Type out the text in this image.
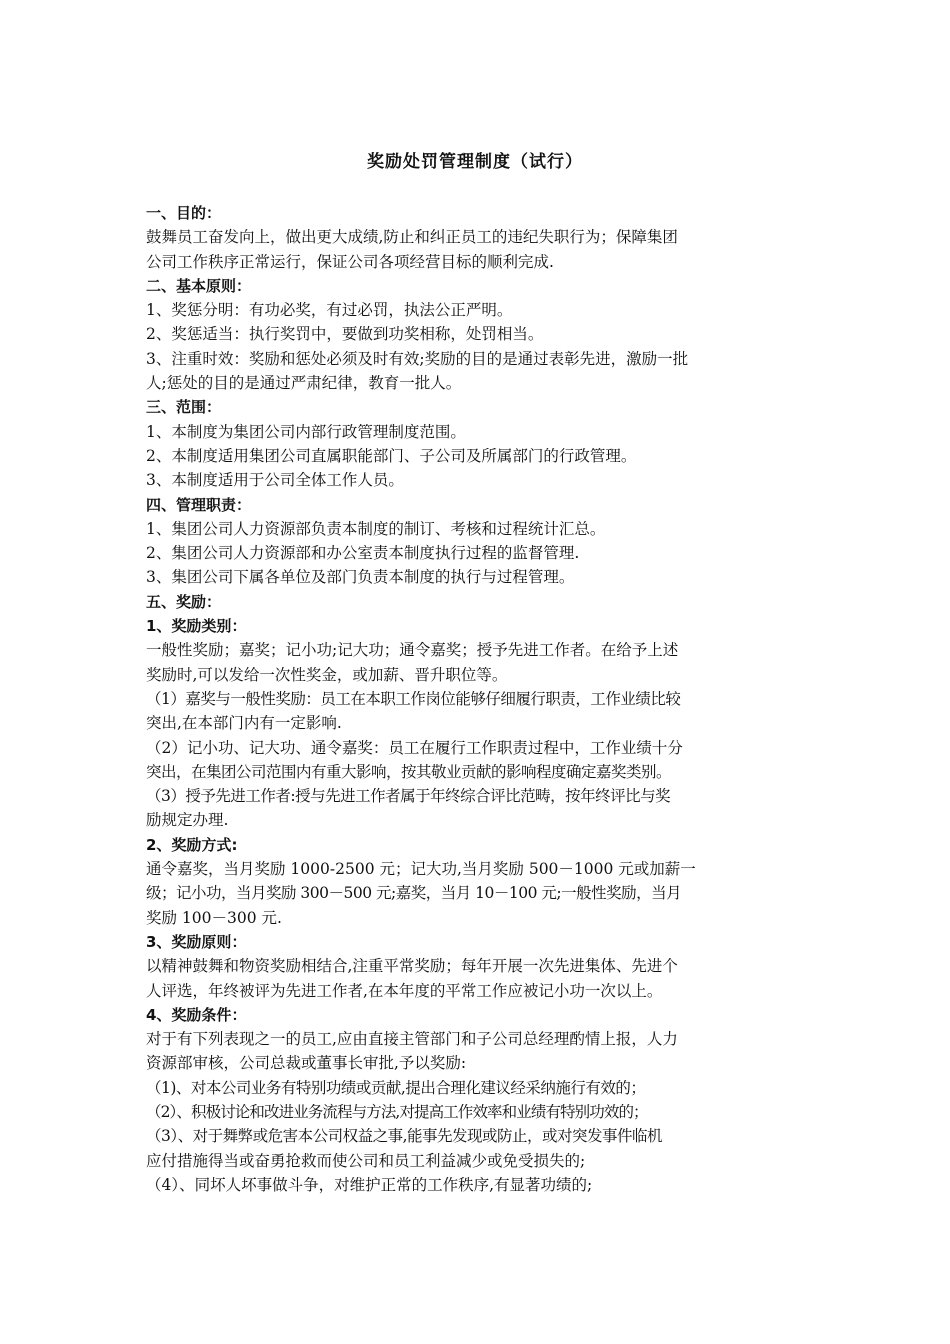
奖励处罚管理制度（试行）

一、目的：

鼓舞员工奋发向上，做出更大成绩,防止和纠正员工的违纪失职行为；保障集团

公司工作秩序正常运行，保证公司各项经营目标的顺利完成.

二、基本原则：

1、奖惩分明：有功必奖，有过必罚，执法公正严明。

2、奖惩适当：执行奖罚中，要做到功奖相称，处罚相当。

3、注重时效：奖励和惩处必须及时有效;奖励的目的是通过表彰先进，激励一批

人;惩处的目的是通过严肃纪律，教育一批人。

三、范围：

1、本制度为集团公司内部行政管理制度范围。

2、本制度适用集团公司直属职能部门、子公司及所属部门的行政管理。

3、本制度适用于公司全体工作人员。

四、管理职责：

1、集团公司人力资源部负责本制度的制订、考核和过程统计汇总。

2、集团公司人力资源部和办公室责本制度执行过程的监督管理.

3、集团公司下属各单位及部门负责本制度的执行与过程管理。

五、奖励：

1、奖励类别：

一般性奖励；嘉奖；记小功;记大功；通令嘉奖；授予先进工作者。在给予上述

奖励时,可以发给一次性奖金，或加薪、晋升职位等。

（1）嘉奖与一般性奖励：员工在本职工作岗位能够仔细履行职责，工作业绩比较

突出,在本部门内有一定影响.

（2）记小功、记大功、通令嘉奖：员工在履行工作职责过程中，工作业绩十分

突出，在集团公司范围内有重大影响，按其敬业贡献的影响程度确定嘉奖类别。

（3）授予先进工作者:授与先进工作者属于年终综合评比范畴，按年终评比与奖

励规定办理.

2、奖励方式:

通令嘉奖，当月奖励 1000-2500 元；记大功,当月奖励 500－1000 元或加薪一

级；记小功，当月奖励 300－500 元;嘉奖，当月 10－100 元;一般性奖励，当月

奖励 100－300 元.

3、奖励原则：

以精神鼓舞和物资奖励相结合,注重平常奖励；每年开展一次先进集体、先进个

人评选，年终被评为先进工作者,在本年度的平常工作应被记小功一次以上。

4、奖励条件：

对于有下列表现之一的员工,应由直接主管部门和子公司总经理酌情上报，人力

资源部审核，公司总裁或董事长审批,予以奖励:

（1)、对本公司业务有特别功绩或贡献,提出合理化建议经采纳施行有效的；

（2）、积极讨论和改进业务流程与方法,对提高工作效率和业绩有特别功效的；

（3）、对于舞弊或危害本公司权益之事,能事先发现或防止，或对突发事件临机

应付措施得当或奋勇抢救而使公司和员工利益减少或免受损失的;

（4）、同坏人坏事做斗争，对维护正常的工作秩序,有显著功绩的;
